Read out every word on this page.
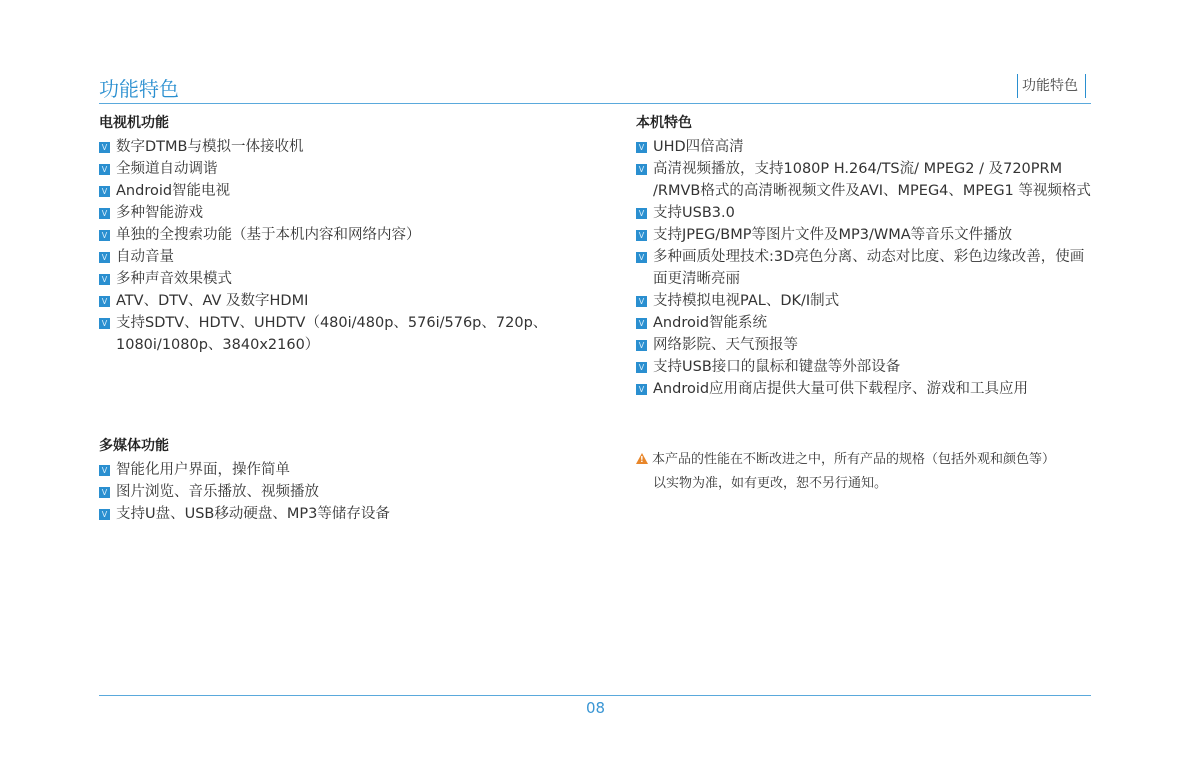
功能特色	功能特色
电视机功能
V 数字DTMB与模拟一体接收机
V 全频道自动调谐
V Android智能电视
V 多种智能游戏
V 单独的全搜索功能（基于本机内容和网络内容）
V 自动音量
V 多种声音效果模式
V ATV、DTV、AV 及数字HDMI
V 支持SDTV、HDTV、UHDTV（480i/480p、576i/576p、720p、1080i/1080p、3840x2160）
多媒体功能
V 智能化用户界面，操作简单
V 图片浏览、音乐播放、视频播放
V 支持U盘、USB移动硬盘、MP3等储存设备
本机特色
V UHD四倍高清
V 高清视频播放，支持1080P H.264/TS流/ MPEG2 / 及720PRM /RMVB格式的高清晰视频文件及AVI、MPEG4、MPEG1 等视频格式
V 支持USB3.0
V 支持JPEG/BMP等图片文件及MP3/WMA等音乐文件播放
V 多种画质处理技术:3D亮色分离、动态对比度、彩色边缘改善，使画面更清晰亮丽
V 支持模拟电视PAL、DK/I制式
V Android智能系统
V 网络影院、天气预报等
V 支持USB接口的鼠标和键盘等外部设备
V Android应用商店提供大量可供下载程序、游戏和工具应用
! 本产品的性能在不断改进之中，所有产品的规格（包括外观和颜色等）
以实物为准，如有更改，恕不另行通知。
08
